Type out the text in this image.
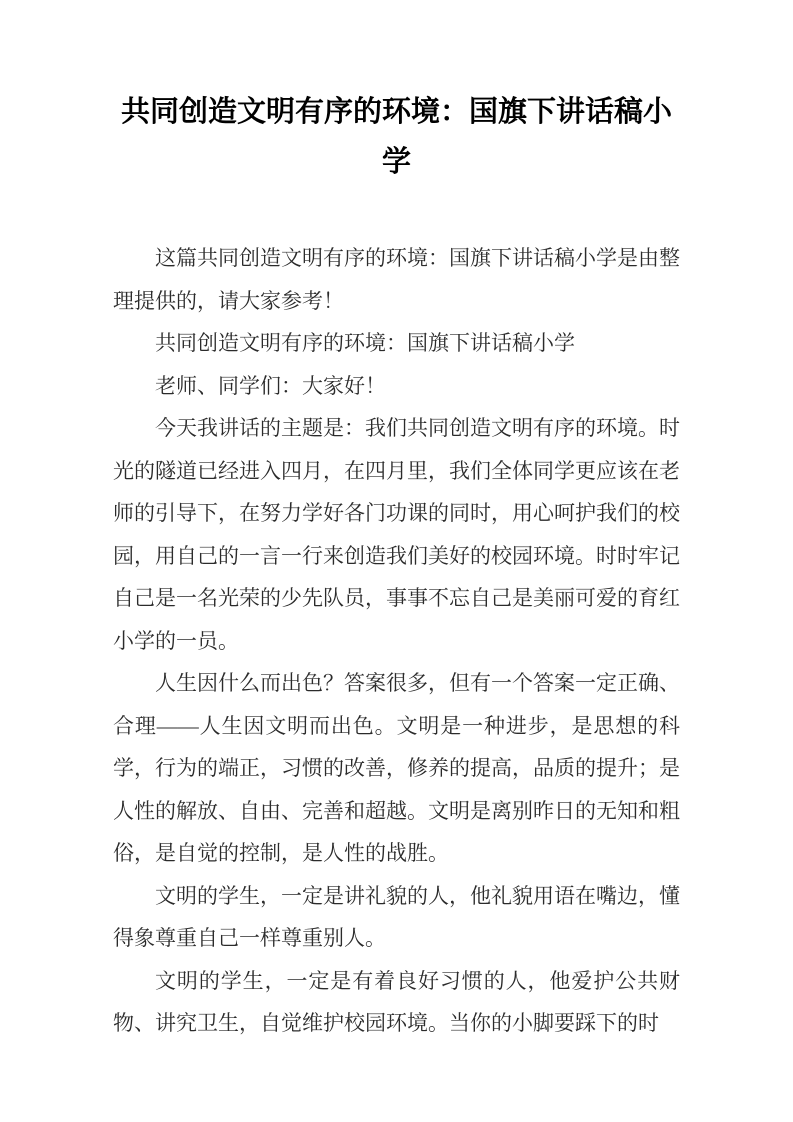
共同创造文明有序的环境：国旗下讲话稿小学

这篇共同创造文明有序的环境：国旗下讲话稿小学是由整理提供的，请大家参考！

共同创造文明有序的环境：国旗下讲话稿小学

老师、同学们：大家好！

今天我讲话的主题是：我们共同创造文明有序的环境。时光的隧道已经进入四月，在四月里，我们全体同学更应该在老师的引导下，在努力学好各门功课的同时，用心呵护我们的校园，用自己的一言一行来创造我们美好的校园环境。时时牢记自己是一名光荣的少先队员，事事不忘自己是美丽可爱的育红小学的一员。

人生因什么而出色？答案很多，但有一个答案一定正确、合理——人生因文明而出色。文明是一种进步，是思想的科学，行为的端正，习惯的改善，修养的提高，品质的提升；是人性的解放、自由、完善和超越。文明是离别昨日的无知和粗俗，是自觉的控制，是人性的战胜。

文明的学生，一定是讲礼貌的人，他礼貌用语在嘴边，懂得象尊重自己一样尊重别人。

文明的学生，一定是有着良好习惯的人，他爱护公共财物、讲究卫生，自觉维护校园环境。当你的小脚要踩下的时
